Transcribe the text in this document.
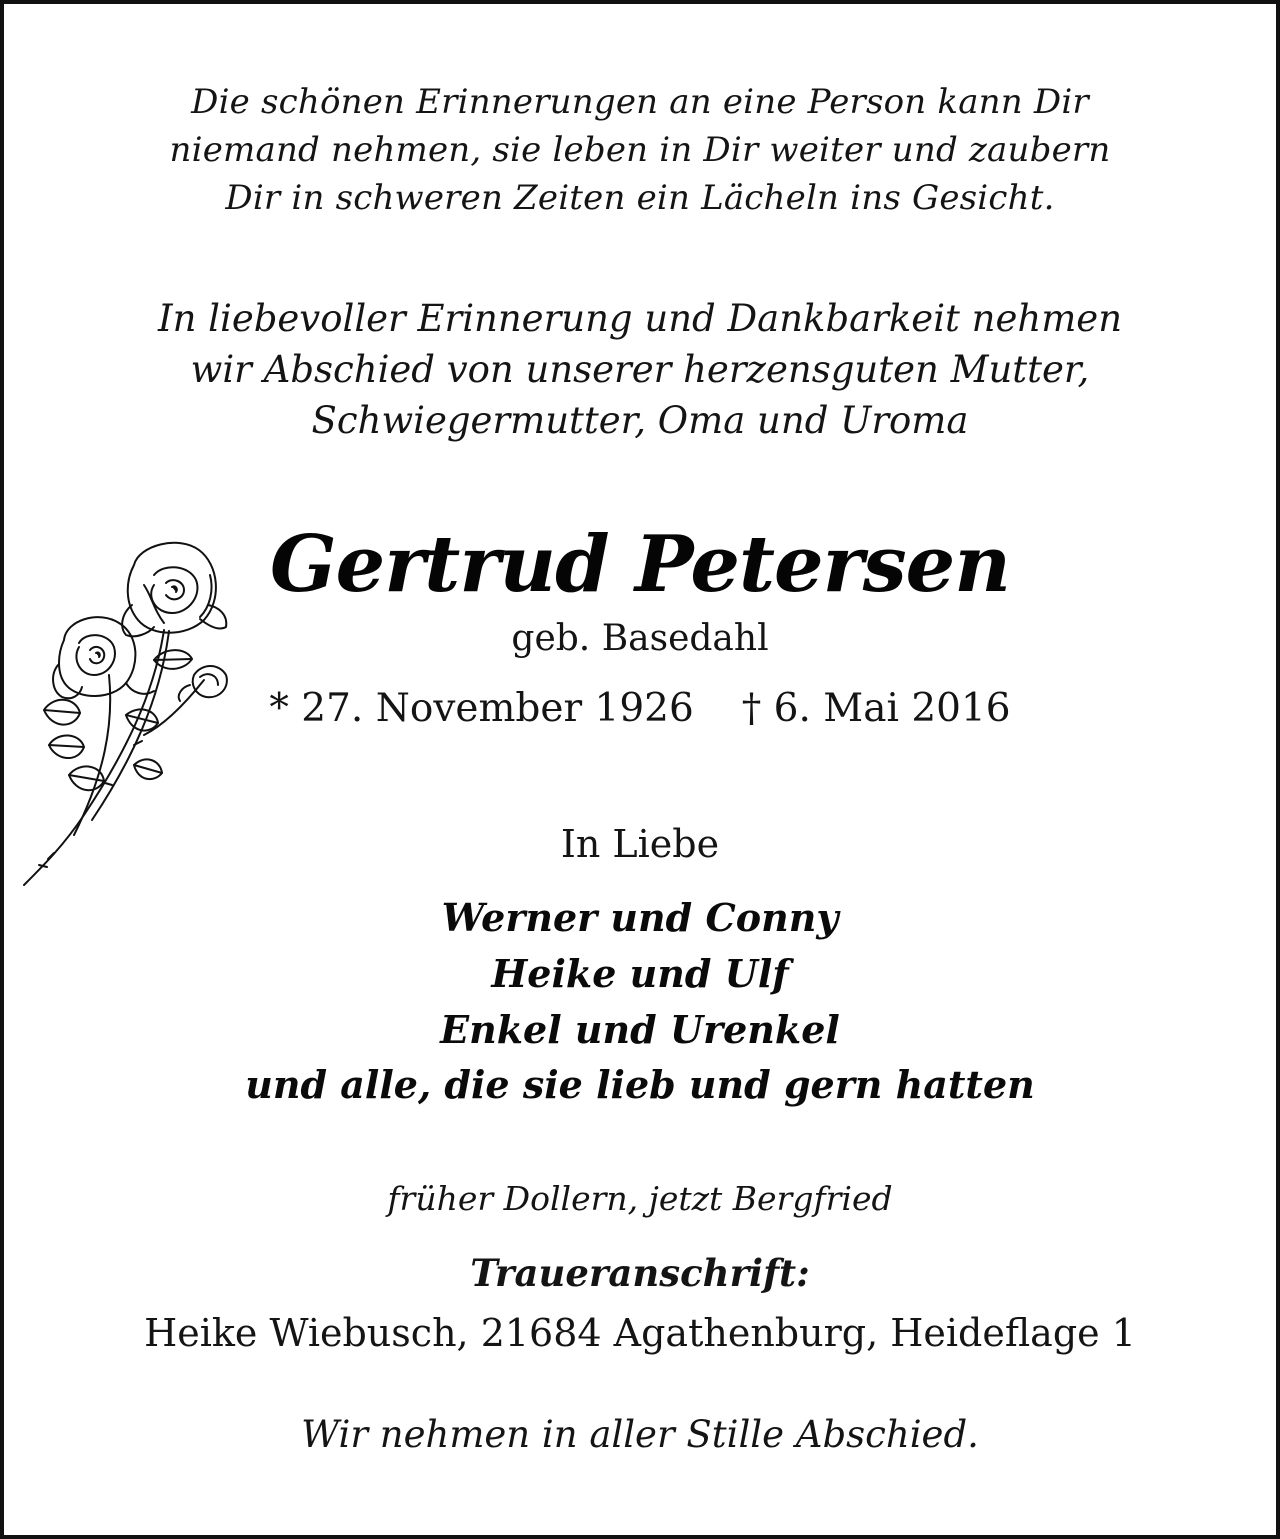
Die schönen Erinnerungen an eine Person kann Dir

niemand nehmen, sie leben in Dir weiter und zaubern

Dir in schweren Zeiten ein Lächeln ins Gesicht.

In liebevoller Erinnerung und Dankbarkeit nehmen

wir Abschied von unserer herzensguten Mutter,

Schwiegermutter, Oma und Uroma

Gertrud Petersen

geb. Basedahl

* 27. November 1926 † 6. Mai 2016

In Liebe

Werner und Conny

Heike und Ulf

Enkel und Urenkel

und alle, die sie lieb und gern hatten

früher Dollern, jetzt Bergfried

Traueranschrift:

Heike Wiebusch, 21684 Agathenburg, Heideflage 1

Wir nehmen in aller Stille Abschied.
